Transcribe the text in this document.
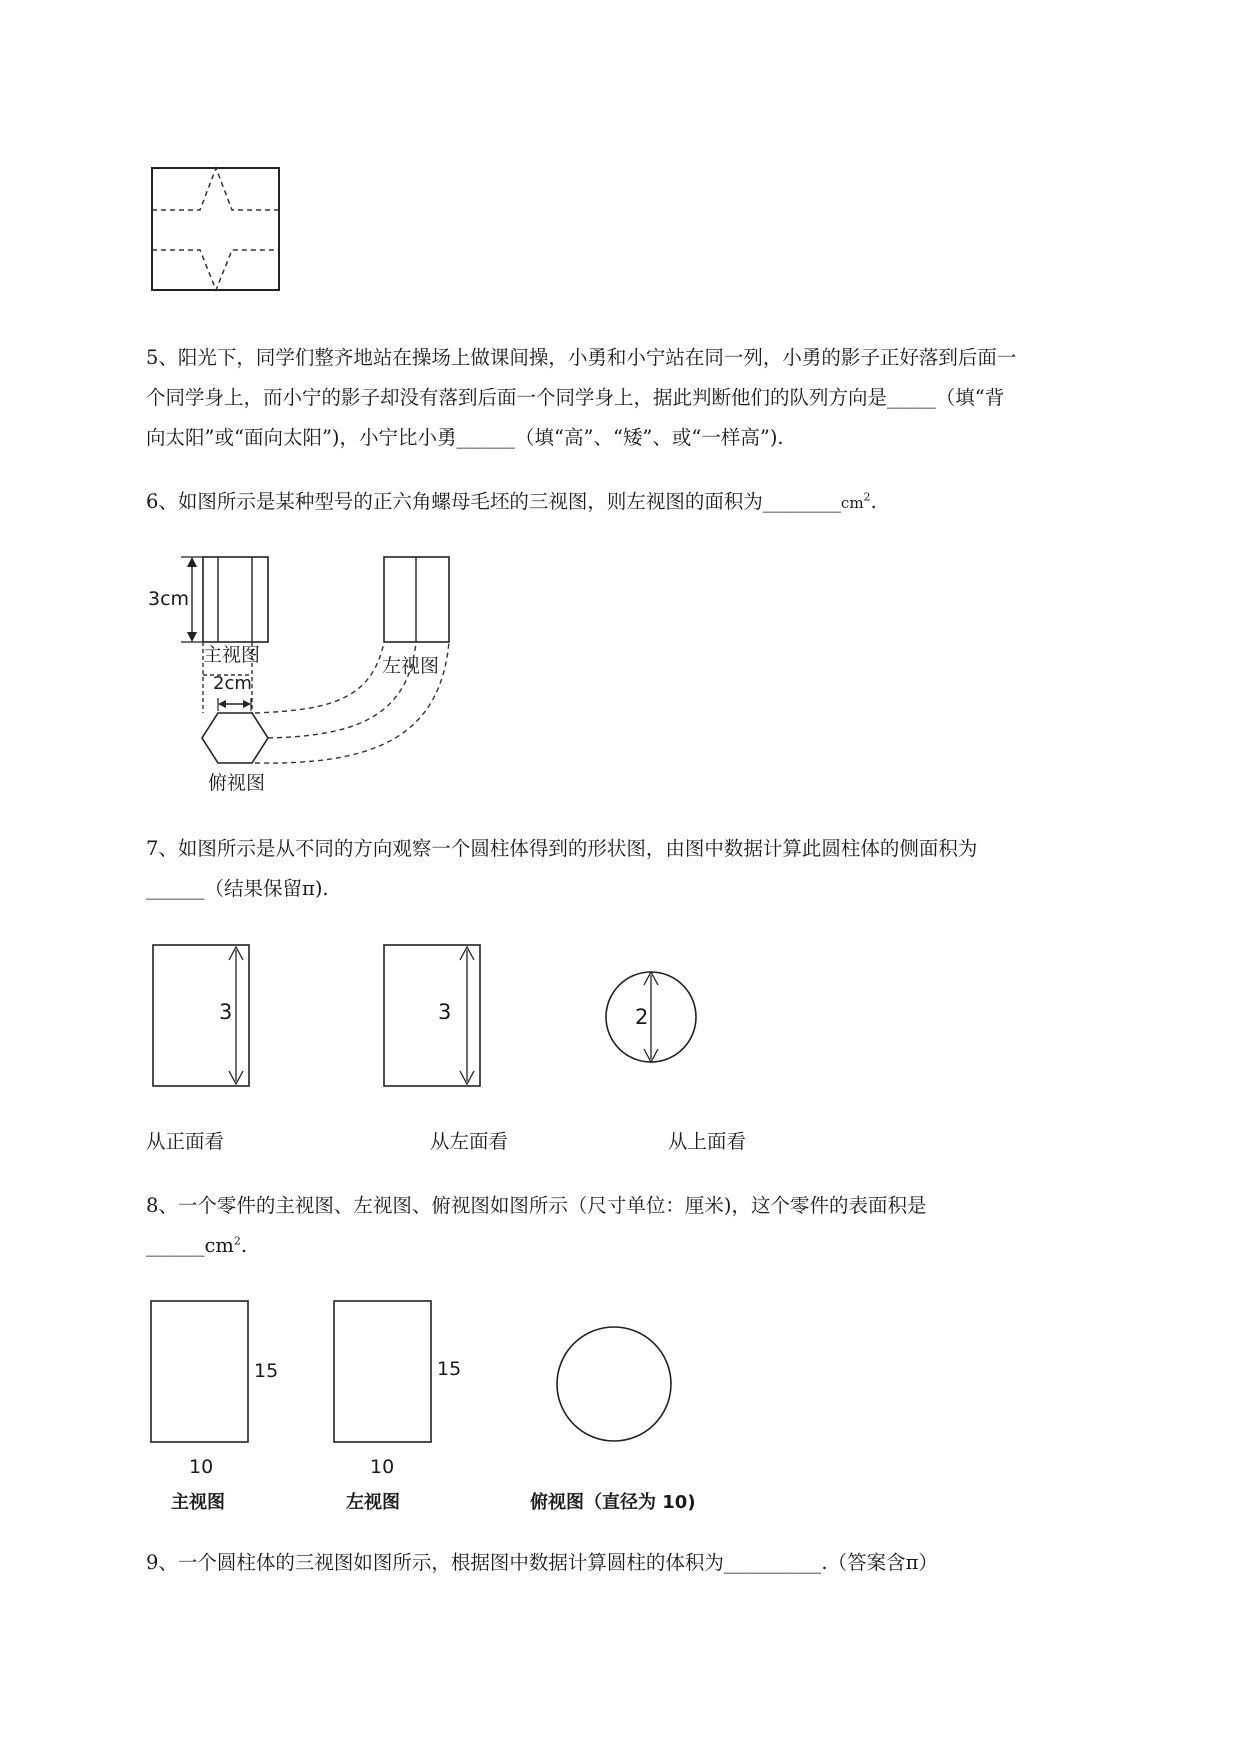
5、阳光下，同学们整齐地站在操场上做课间操，小勇和小宁站在同一列，小勇的影子正好落到后面一
个同学身上，而小宁的影子却没有落到后面一个同学身上，据此判断他们的队列方向是_____（填“背
向太阳”或“面向太阳”)，小宁比小勇______（填“高”、“矮”、或“一样高”).
6、如图所示是某种型号的正六角螺母毛坯的三视图，则左视图的面积为$\_\_\_\_\_\_\_\_cm^2$.
3cm
主视图	左视图
2cm
俯视图
7、如图所示是从不同的方向观察一个圆柱体得到的形状图，由图中数据计算此圆柱体的侧面积为
______（结果保留π).
3	3	2
从正面看	从左面看	从上面看
8、一个零件的主视图、左视图、俯视图如图所示（尺寸单位：厘米)，这个零件的表面积是
$\_\_\_\_\_\_cm^2$.
15	15
10	10
主视图	左视图	俯视图（直径为 10)
9、一个圆柱体的三视图如图所示，根据图中数据计算圆柱的体积为__________.（答案含π）
